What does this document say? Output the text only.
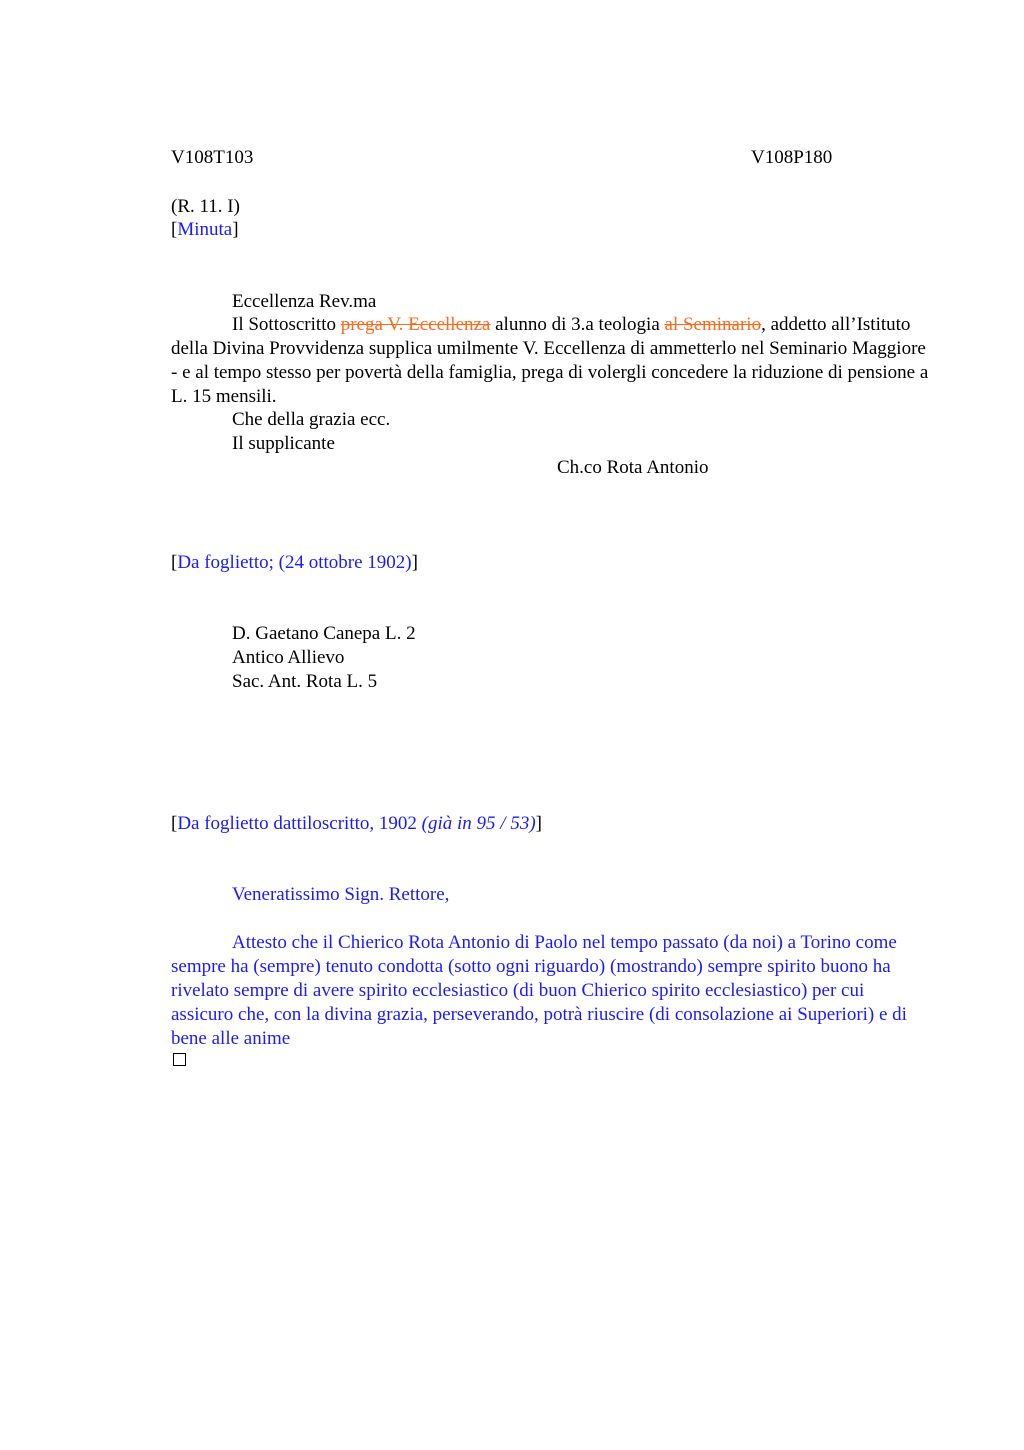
V108T103	V108P180
(R. 11. I)
[Minuta]
Eccellenza Rev.ma
Il Sottoscritto prega V. Eccellenza alunno di 3.a teologia al Seminario, addetto all’Istituto della Divina Provvidenza supplica umilmente V. Eccellenza di ammetterlo nel Seminario Maggiore - e al tempo stesso per povertà della famiglia, prega di volergli concedere la riduzione di pensione a L. 15 mensili.
Che della grazia ecc.
Il supplicante
Ch.co Rota Antonio
[Da foglietto; (24 ottobre 1902)]
D. Gaetano Canepa L. 2
Antico Allievo
Sac. Ant. Rota L. 5
[Da foglietto dattiloscritto, 1902 (già in 95 / 53)]
Veneratissimo Sign. Rettore,
Attesto che il Chierico Rota Antonio di Paolo nel tempo passato (da noi) a Torino come sempre ha (sempre) tenuto condotta (sotto ogni riguardo) (mostrando) sempre spirito buono ha rivelato sempre di avere spirito ecclesiastico (di buon Chierico spirito ecclesiastico) per cui assicuro che, con la divina grazia, perseverando, potrà riuscire (di consolazione ai Superiori) e di bene alle anime
